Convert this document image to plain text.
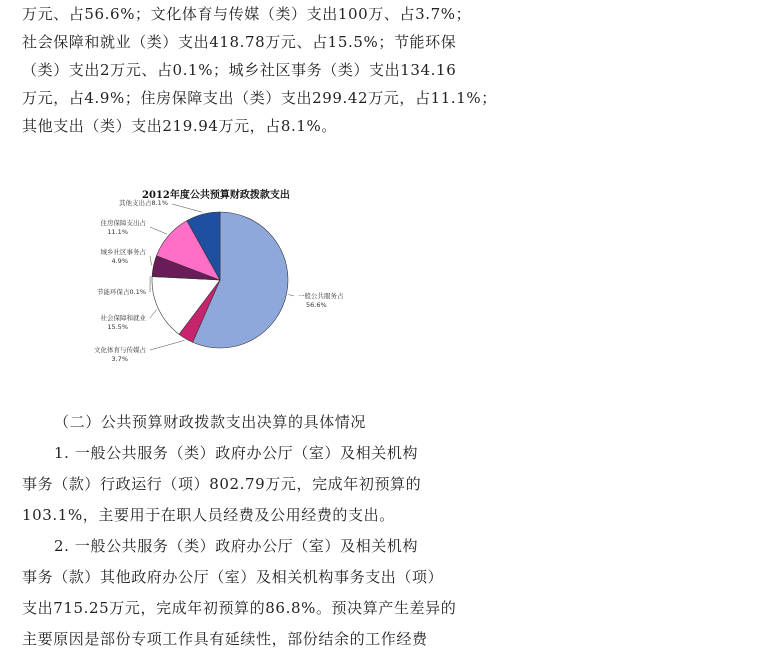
万元、占56.6%；文化体育与传媒（类）支出100万、占3.7%；
社会保障和就业（类）支出418.78万元、占15.5%；节能环保
（类）支出2万元、占0.1%；城乡社区事务（类）支出134.16
万元，占4.9%；住房保障支出（类）支出299.42万元，占11.1%；
其他支出（类）支出219.94万元，占8.1%。
2012年度公共预算财政拨款支出
一般公共服务占
56.6%
文化体育与传媒占
3.7%
社会保障和就业
15.5%
节能环保占0.1%
城乡社区事务占
4.9%
住房保障支出占
11.1%
其他支出占8.1%
（二）公共预算财政拨款支出决算的具体情况
1. 一般公共服务（类）政府办公厅（室）及相关机构
事务（款）行政运行（项）802.79万元，完成年初预算的
103.1%，主要用于在职人员经费及公用经费的支出。
2. 一般公共服务（类）政府办公厅（室）及相关机构
事务（款）其他政府办公厅（室）及相关机构事务支出（项）
支出715.25万元，完成年初预算的86.8%。预决算产生差异的
主要原因是部份专项工作具有延续性，部份结余的工作经费
